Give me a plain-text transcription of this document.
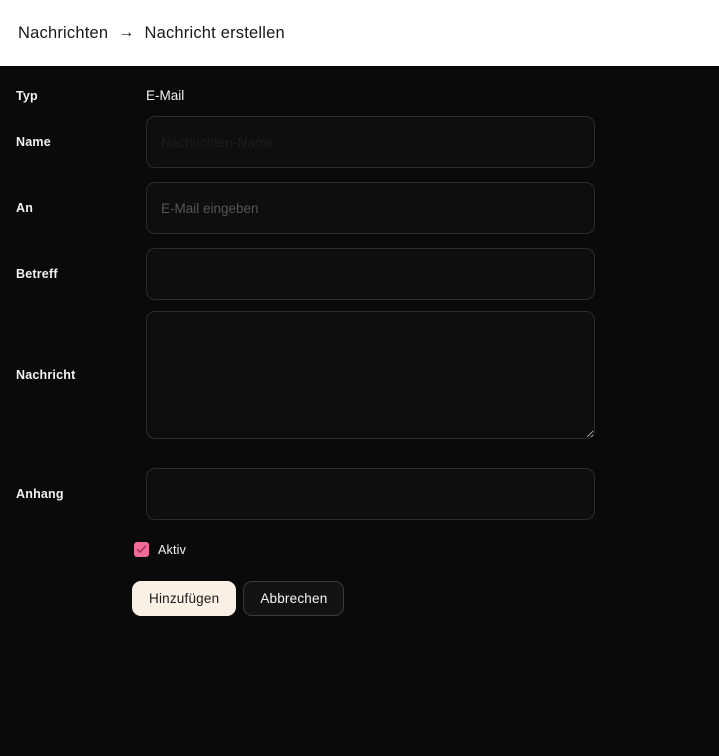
Nachrichten → Nachricht erstellen
Typ	E-Mail
Name
Nachrichten-Name
An
E-Mail eingeben
Betreff
Nachricht
Anhang
Aktiv
Hinzufügen	Abbrechen
